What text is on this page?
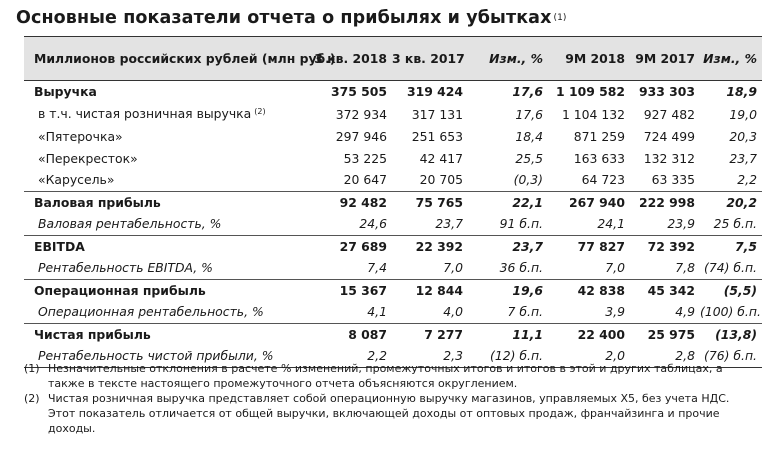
Основные показатели отчета о прибылях и убытках $^{(1)}$
Миллионов российских рублей (млн руб.)	3 кв. 2018	3 кв. 2017	Изм., %	9М 2018	9М 2017	Изм., %
Выручка	375 505	319 424	17,6	1 109 582	933 303	18,9
в т.ч. чистая розничная выручка $^{(2)}$	372 934	317 131	17,6	1 104 132	927 482	19,0
«Пятерочка»	297 946	251 653	18,4	871 259	724 499	20,3
«Перекресток»	53 225	42 417	25,5	163 633	132 312	23,7
«Карусель»	20 647	20 705	(0,3)	64 723	63 335	2,2
Валовая прибыль	92 482	75 765	22,1	267 940	222 998	20,2
Валовая рентабельность, %	24,6	23,7	91 б.п.	24,1	23,9	25 б.п.
EBITDA	27 689	22 392	23,7	77 827	72 392	7,5
Рентабельность EBITDA, %	7,4	7,0	36 б.п.	7,0	7,8	(74) б.п.
Операционная прибыль	15 367	12 844	19,6	42 838	45 342	(5,5)
Операционная рентабельность, %	4,1	4,0	7 б.п.	3,9	4,9	(100) б.п.
Чистая прибыль	8 087	7 277	11,1	22 400	25 975	(13,8)
Рентабельность чистой прибыли, %	2,2	2,3	(12) б.п.	2,0	2,8	(76) б.п.
(1) Незначительные отклонения в расчете % изменений, промежуточных итогов и итогов в этой и других таблицах, а также в тексте настоящего промежуточного отчета объясняются округлением.
(2) Чистая розничная выручка представляет собой операционную выручку магазинов, управляемых X5, без учета НДС. Этот показатель отличается от общей выручки, включающей доходы от оптовых продаж, франчайзинга и прочие доходы.
